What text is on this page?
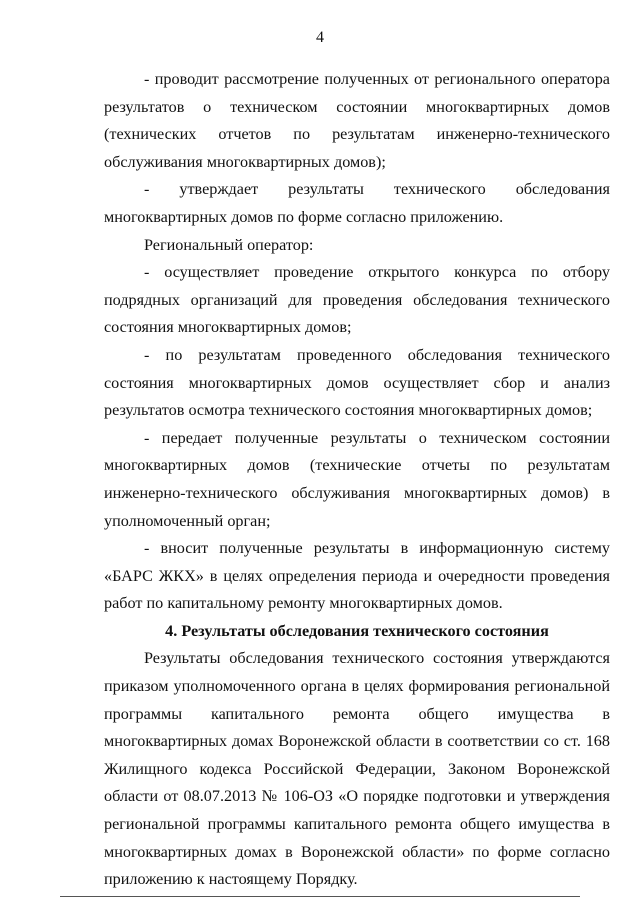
4

- проводит рассмотрение полученных от регионального оператора результатов о техническом состоянии многоквартирных домов (технических отчетов по результатам инженерно-технического обслуживания многоквартирных домов);

- утверждает результаты технического обследования многоквартирных домов по форме согласно приложению.

Региональный оператор:

- осуществляет проведение открытого конкурса по отбору подрядных организаций для проведения обследования технического состояния многоквартирных домов;

- по результатам проведенного обследования технического состояния многоквартирных домов осуществляет сбор и анализ результатов осмотра технического состояния многоквартирных домов;

- передает полученные результаты о техническом состоянии многоквартирных домов (технические отчеты по результатам инженерно-технического обслуживания многоквартирных домов) в уполномоченный орган;

- вносит полученные результаты в информационную систему «БАРС ЖКХ» в целях определения периода и очередности проведения работ по капитальному ремонту многоквартирных домов.

4. Результаты обследования технического состояния

Результаты обследования технического состояния утверждаются приказом уполномоченного органа в целях формирования региональной программы капитального ремонта общего имущества в многоквартирных домах Воронежской области в соответствии со ст. 168 Жилищного кодекса Российской Федерации, Законом Воронежской области от 08.07.2013 № 106-ОЗ «О порядке подготовки и утверждения региональной программы капитального ремонта общего имущества в многоквартирных домах в Воронежской области» по форме согласно приложению к настоящему Порядку.
